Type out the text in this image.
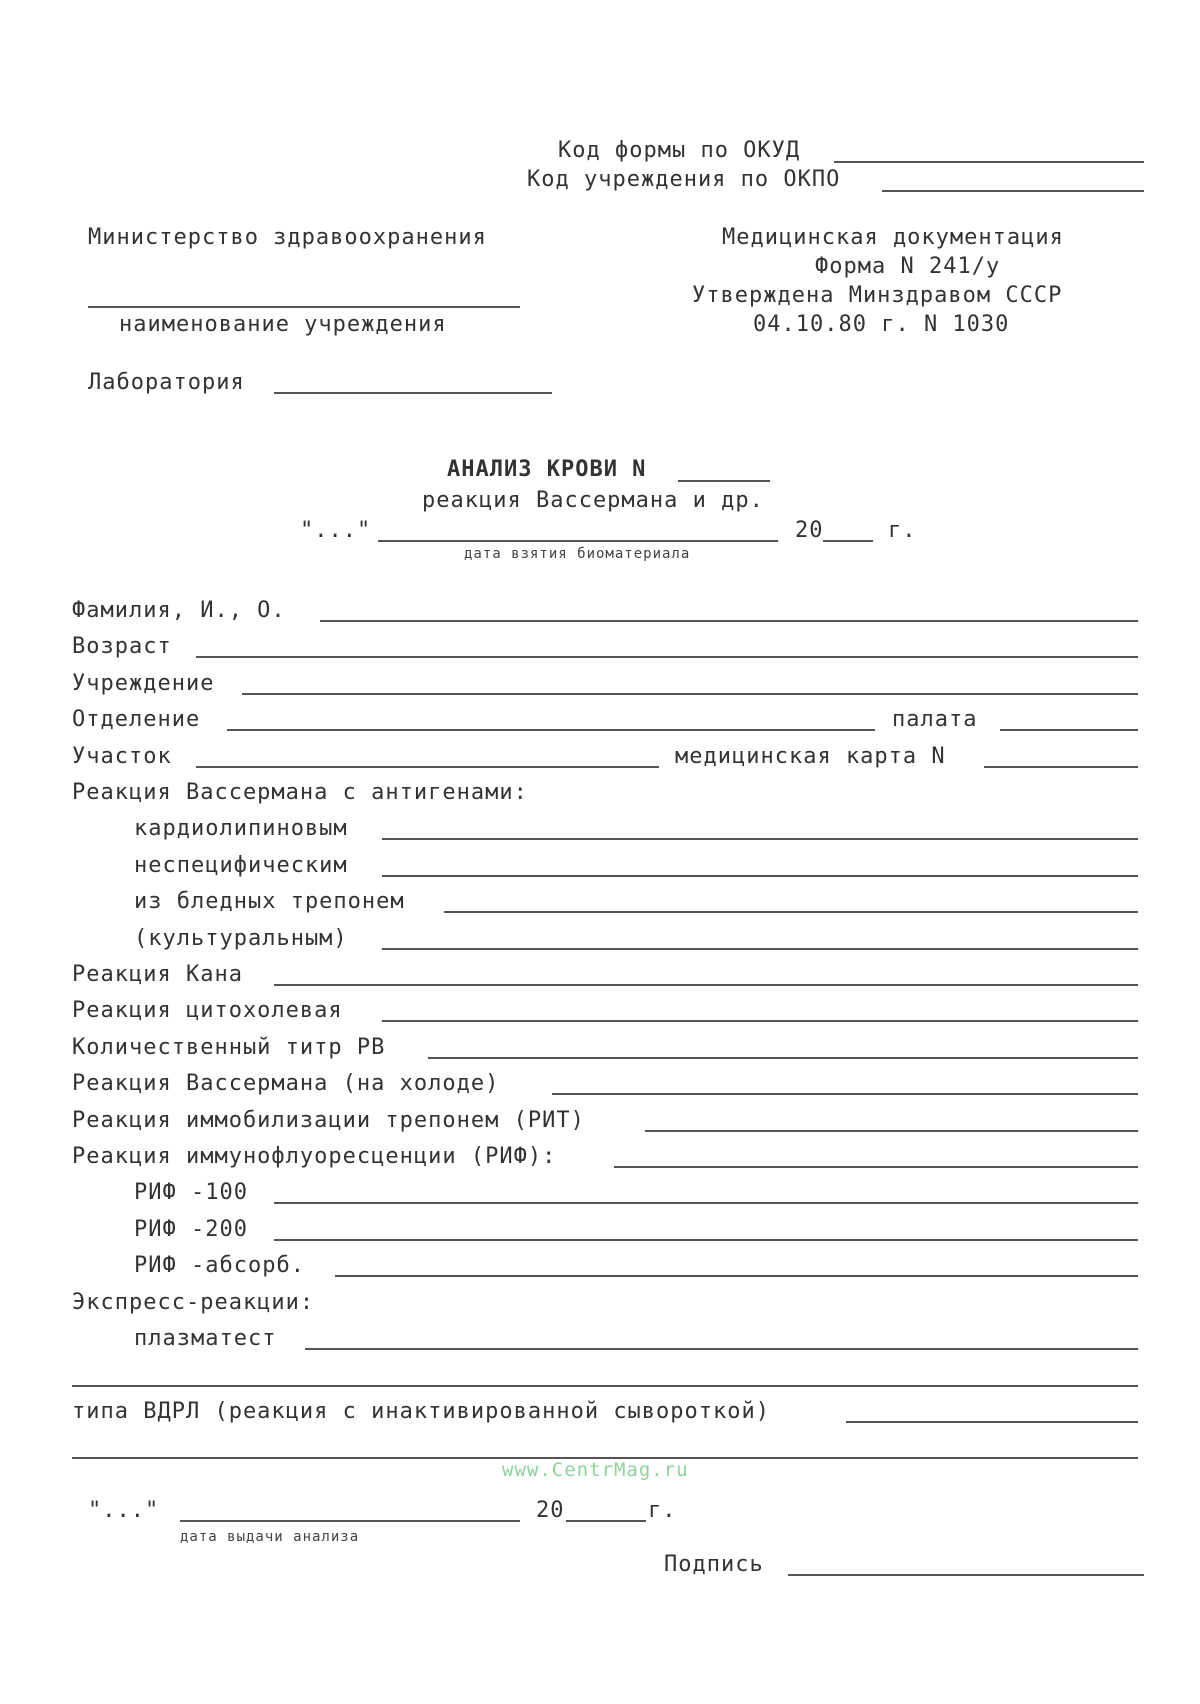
Код формы по ОКУД
Код учреждения по ОКПО
Министерство здравоохранения
наименование учреждения
Лаборатория
Медицинская документация
Форма N 241/у
Утверждена Минздравом СССР
04.10.80 г. N 1030
АНАЛИЗ КРОВИ N
реакция Вассермана и др.
"..."	20	г.
дата взятия биоматериала
Фамилия, И., О.
Возраст
Учреждение
Отделение	палата
Участок	медицинская карта N
Реакция Вассермана с антигенами:
кардиолипиновым
неспецифическим
из бледных трепонем
(культуральным)
Реакция Кана
Реакция цитохолевая
Количественный титр РВ
Реакция Вассермана (на холоде)
Реакция иммобилизации трепонем (РИТ)
Реакция иммунофлуоресценции (РИФ):
РИФ -100
РИФ -200
РИФ -абсорб.
Экспресс-реакции:
плазматест
типа ВДРЛ (реакция с инактивированной сывороткой)
www.CentrMag.ru
"..."	20	г.
дата выдачи анализа
Подпись
